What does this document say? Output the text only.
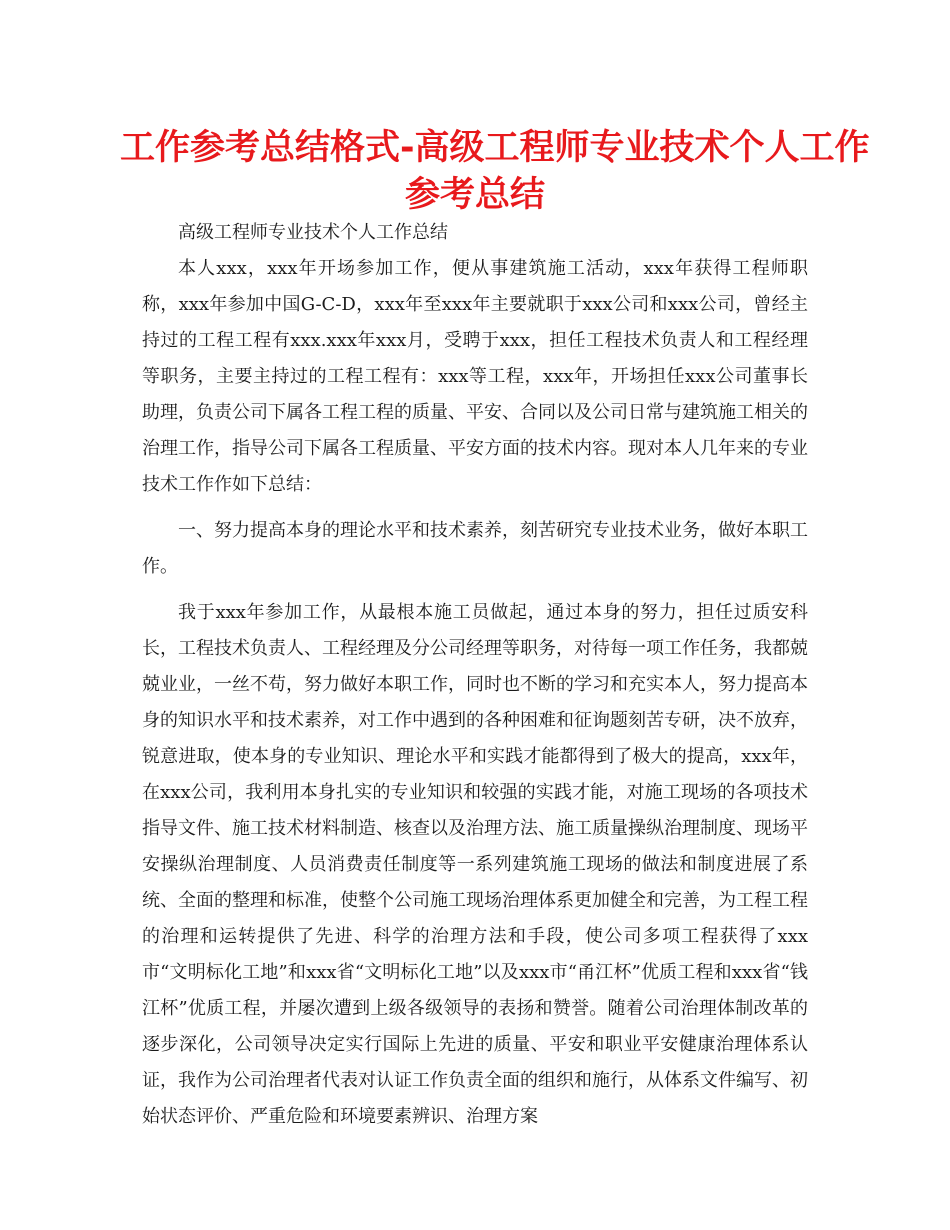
工作参考总结格式-高级工程师专业技术个人工作
参考总结

高级工程师专业技术个人工作总结

本人xxx，xxx年开场参加工作，便从事建筑施工活动，xxx年获得工程师职称，xxx年参加中国G-C-D，xxx年至xxx年主要就职于xxx公司和xxx公司，曾经主持过的工程工程有xxx.xxx年xxx月，受聘于xxx，担任工程技术负责人和工程经理等职务，主要主持过的工程工程有：xxx等工程，xxx年，开场担任xxx公司董事长助理，负责公司下属各工程工程的质量、平安、合同以及公司日常与建筑施工相关的治理工作，指导公司下属各工程质量、平安方面的技术内容。现对本人几年来的专业技术工作作如下总结：

一、努力提高本身的理论水平和技术素养，刻苦研究专业技术业务，做好本职工作。

我于xxx年参加工作，从最根本施工员做起，通过本身的努力，担任过质安科长，工程技术负责人、工程经理及分公司经理等职务，对待每一项工作任务，我都兢兢业业，一丝不苟，努力做好本职工作，同时也不断的学习和充实本人，努力提高本身的知识水平和技术素养，对工作中遇到的各种困难和征询题刻苦专研，决不放弃，锐意进取，使本身的专业知识、理论水平和实践才能都得到了极大的提高，xxx年，在xxx公司，我利用本身扎实的专业知识和较强的实践才能，对施工现场的各项技术指导文件、施工技术材料制造、核查以及治理方法、施工质量操纵治理制度、现场平安操纵治理制度、人员消费责任制度等一系列建筑施工现场的做法和制度进展了系统、全面的整理和标准，使整个公司施工现场治理体系更加健全和完善，为工程工程的治理和运转提供了先进、科学的治理方法和手段，使公司多项工程获得了xxx市“文明标化工地”和xxx省“文明标化工地”以及xxx市“甬江杯”优质工程和xxx省“钱江杯”优质工程，并屡次遭到上级各级领导的表扬和赞誉。随着公司治理体制改革的逐步深化，公司领导决定实行国际上先进的质量、平安和职业平安健康治理体系认证，我作为公司治理者代表对认证工作负责全面的组织和施行，从体系文件编写、初始状态评价、严重危险和环境要素辨识、治理方案
